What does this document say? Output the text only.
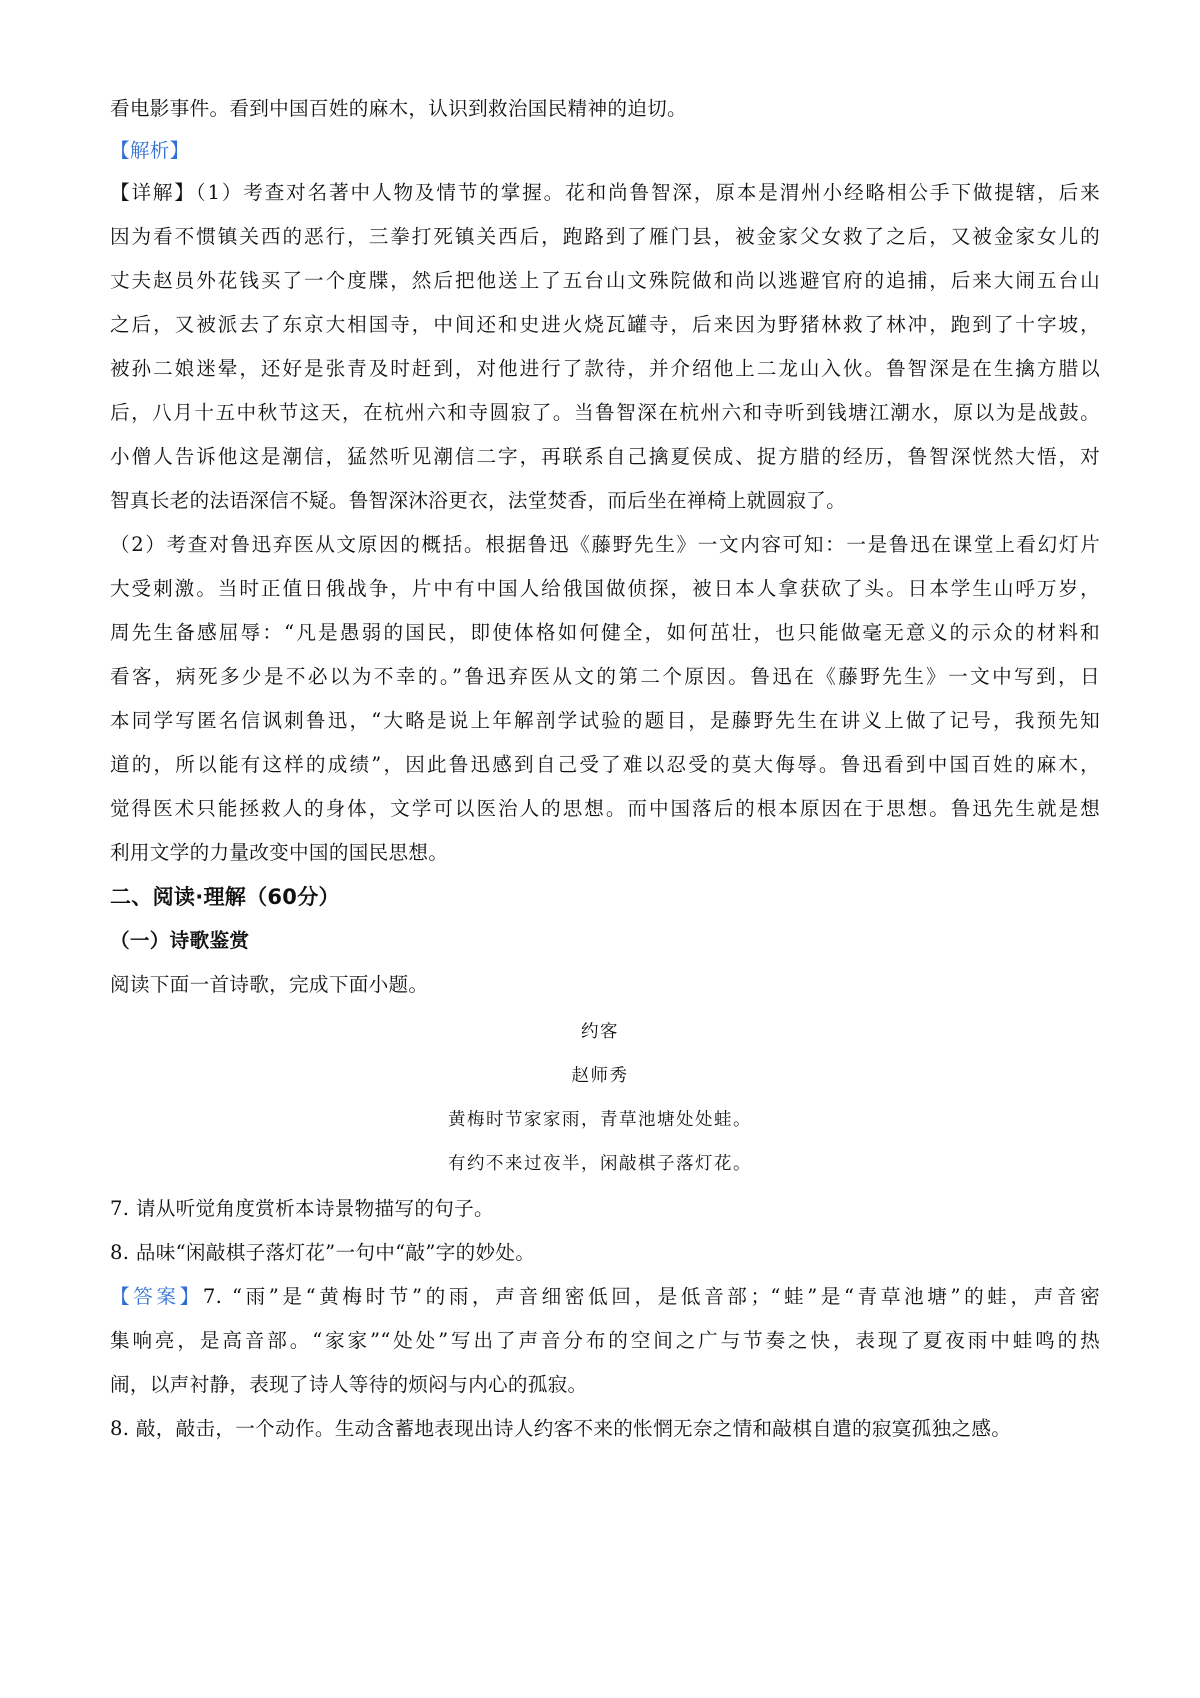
看电影事件。看到中国百姓的麻木，认识到救治国民精神的迫切。
【解析】
【详解】（1）考查对名著中人物及情节的掌握。花和尚鲁智深，原本是渭州小经略相公手下做提辖，后来
因为看不惯镇关西的恶行，三拳打死镇关西后，跑路到了雁门县，被金家父女救了之后，又被金家女儿的
丈夫赵员外花钱买了一个度牒，然后把他送上了五台山文殊院做和尚以逃避官府的追捕，后来大闹五台山
之后，又被派去了东京大相国寺，中间还和史进火烧瓦罐寺，后来因为野猪林救了林冲，跑到了十字坡，
被孙二娘迷晕，还好是张青及时赶到，对他进行了款待，并介绍他上二龙山入伙。鲁智深是在生擒方腊以
后，八月十五中秋节这天，在杭州六和寺圆寂了。当鲁智深在杭州六和寺听到钱塘江潮水，原以为是战鼓。
小僧人告诉他这是潮信，猛然听见潮信二字，再联系自己擒夏侯成、捉方腊的经历，鲁智深恍然大悟，对
智真长老的法语深信不疑。鲁智深沐浴更衣，法堂焚香，而后坐在禅椅上就圆寂了。
（2）考查对鲁迅弃医从文原因的概括。根据鲁迅《藤野先生》一文内容可知：一是鲁迅在课堂上看幻灯片
大受刺激。当时正值日俄战争，片中有中国人给俄国做侦探，被日本人拿获砍了头。日本学生山呼万岁，
周先生备感屈辱：“凡是愚弱的国民，即使体格如何健全，如何茁壮，也只能做毫无意义的示众的材料和
看客，病死多少是不必以为不幸的。”鲁迅弃医从文的第二个原因。鲁迅在《藤野先生》一文中写到，日
本同学写匿名信讽刺鲁迅，“大略是说上年解剖学试验的题目，是藤野先生在讲义上做了记号，我预先知
道的，所以能有这样的成绩”，因此鲁迅感到自己受了难以忍受的莫大侮辱。鲁迅看到中国百姓的麻木，
觉得医术只能拯救人的身体，文学可以医治人的思想。而中国落后的根本原因在于思想。鲁迅先生就是想
利用文学的力量改变中国的国民思想。
二、阅读·理解（60分）
（一）诗歌鉴赏
阅读下面一首诗歌，完成下面小题。
约客
赵师秀
黄梅时节家家雨，青草池塘处处蛙。
有约不来过夜半，闲敲棋子落灯花。
7. 请从听觉角度赏析本诗景物描写的句子。
8. 品味“闲敲棋子落灯花”一句中“敲”字的妙处。
【答案】7. “雨”是“黄梅时节”的雨，声音细密低回，是低音部；“蛙”是“青草池塘”的蛙，声音密
集响亮，是高音部。“家家”“处处”写出了声音分布的空间之广与节奏之快，表现了夏夜雨中蛙鸣的热
闹，以声衬静，表现了诗人等待的烦闷与内心的孤寂。
8. 敲，敲击，一个动作。生动含蓄地表现出诗人约客不来的怅惘无奈之情和敲棋自遣的寂寞孤独之感。
